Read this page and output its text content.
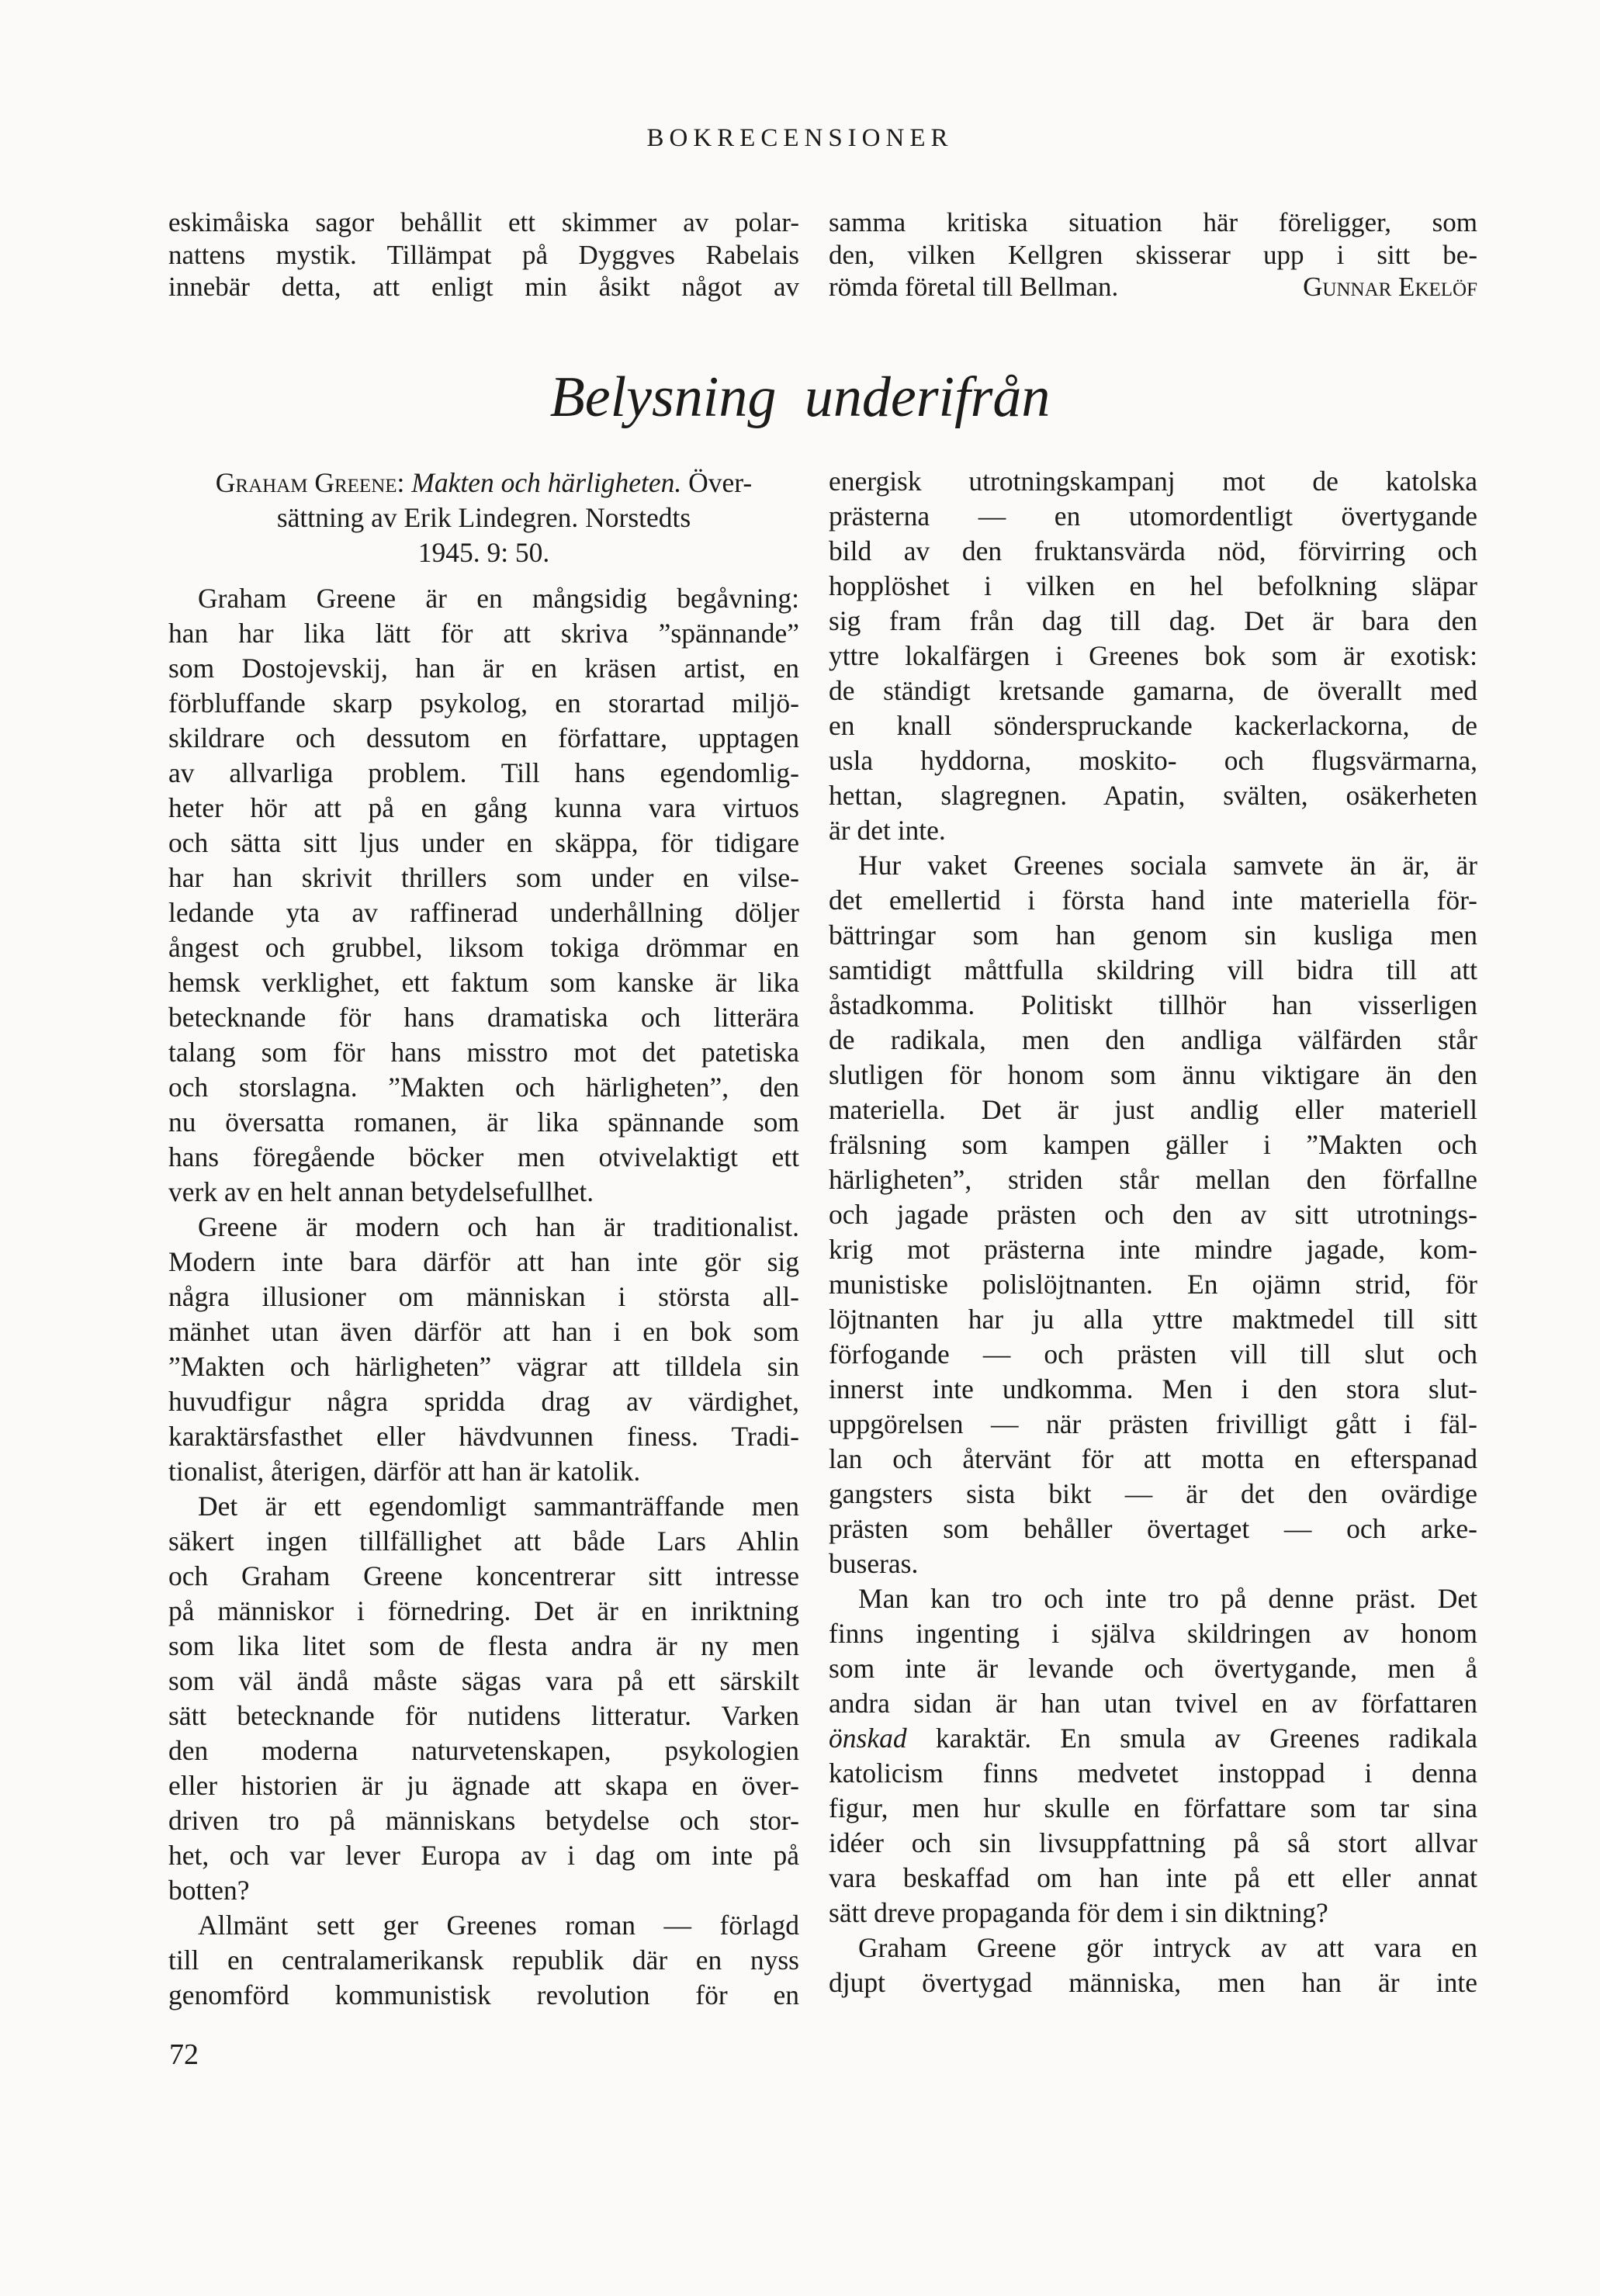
BOKRECENSIONER
eskimåiska sagor behållit ett skimmer av polar-
nattens mystik. Tillämpat på Dyggves Rabelais
innebär detta, att enligt min åsikt något av
samma kritiska situation här föreligger, som
den, vilken Kellgren skisserar upp i sitt be-
römda företal till Bellman.	Gunnar Ekelöf
Belysning underifrån
Graham Greene: Makten och härligheten. Över-
sättning av Erik Lindegren. Norstedts
1945. 9: 50.
Graham Greene är en mångsidig begåvning:
han har lika lätt för att skriva ”spännande”
som Dostojevskij, han är en kräsen artist, en
förbluffande skarp psykolog, en storartad miljö-
skildrare och dessutom en författare, upptagen
av allvarliga problem. Till hans egendomlig-
heter hör att på en gång kunna vara virtuos
och sätta sitt ljus under en skäppa, för tidigare
har han skrivit thrillers som under en vilse-
ledande yta av raffinerad underhållning döljer
ångest och grubbel, liksom tokiga drömmar en
hemsk verklighet, ett faktum som kanske är lika
betecknande för hans dramatiska och litterära
talang som för hans misstro mot det patetiska
och storslagna. ”Makten och härligheten”, den
nu översatta romanen, är lika spännande som
hans föregående böcker men otvivelaktigt ett
verk av en helt annan betydelsefullhet.
Greene är modern och han är traditionalist.
Modern inte bara därför att han inte gör sig
några illusioner om människan i största all-
mänhet utan även därför att han i en bok som
”Makten och härligheten” vägrar att tilldela sin
huvudfigur några spridda drag av värdighet,
karaktärsfasthet eller hävdvunnen finess. Tradi-
tionalist, återigen, därför att han är katolik.
Det är ett egendomligt sammanträffande men
säkert ingen tillfällighet att både Lars Ahlin
och Graham Greene koncentrerar sitt intresse
på människor i förnedring. Det är en inriktning
som lika litet som de flesta andra är ny men
som väl ändå måste sägas vara på ett särskilt
sätt betecknande för nutidens litteratur. Varken
den moderna naturvetenskapen, psykologien
eller historien är ju ägnade att skapa en över-
driven tro på människans betydelse och stor-
het, och var lever Europa av i dag om inte på
botten?
Allmänt sett ger Greenes roman — förlagd
till en centralamerikansk republik där en nyss
genomförd kommunistisk revolution för en
energisk utrotningskampanj mot de katolska
prästerna — en utomordentligt övertygande
bild av den fruktansvärda nöd, förvirring och
hopplöshet i vilken en hel befolkning släpar
sig fram från dag till dag. Det är bara den
yttre lokalfärgen i Greenes bok som är exotisk:
de ständigt kretsande gamarna, de överallt med
en knall sönderspruckande kackerlackorna, de
usla hyddorna, moskito- och flugsvärmarna,
hettan, slagregnen. Apatin, svälten, osäkerheten
är det inte.
Hur vaket Greenes sociala samvete än är, är
det emellertid i första hand inte materiella för-
bättringar som han genom sin kusliga men
samtidigt måttfulla skildring vill bidra till att
åstadkomma. Politiskt tillhör han visserligen
de radikala, men den andliga välfärden står
slutligen för honom som ännu viktigare än den
materiella. Det är just andlig eller materiell
frälsning som kampen gäller i ”Makten och
härligheten”, striden står mellan den förfallne
och jagade prästen och den av sitt utrotnings-
krig mot prästerna inte mindre jagade, kom-
munistiske polislöjtnanten. En ojämn strid, för
löjtnanten har ju alla yttre maktmedel till sitt
förfogande — och prästen vill till slut och
innerst inte undkomma. Men i den stora slut-
uppgörelsen — när prästen frivilligt gått i fäl-
lan och återvänt för att motta en efterspanad
gangsters sista bikt — är det den ovärdige
prästen som behåller övertaget — och arke-
buseras.
Man kan tro och inte tro på denne präst. Det
finns ingenting i själva skildringen av honom
som inte är levande och övertygande, men å
andra sidan är han utan tvivel en av författaren
önskad karaktär. En smula av Greenes radikala
katolicism finns medvetet instoppad i denna
figur, men hur skulle en författare som tar sina
idéer och sin livsuppfattning på så stort allvar
vara beskaffad om han inte på ett eller annat
sätt dreve propaganda för dem i sin diktning?
Graham Greene gör intryck av att vara en
djupt övertygad människa, men han är inte
72
